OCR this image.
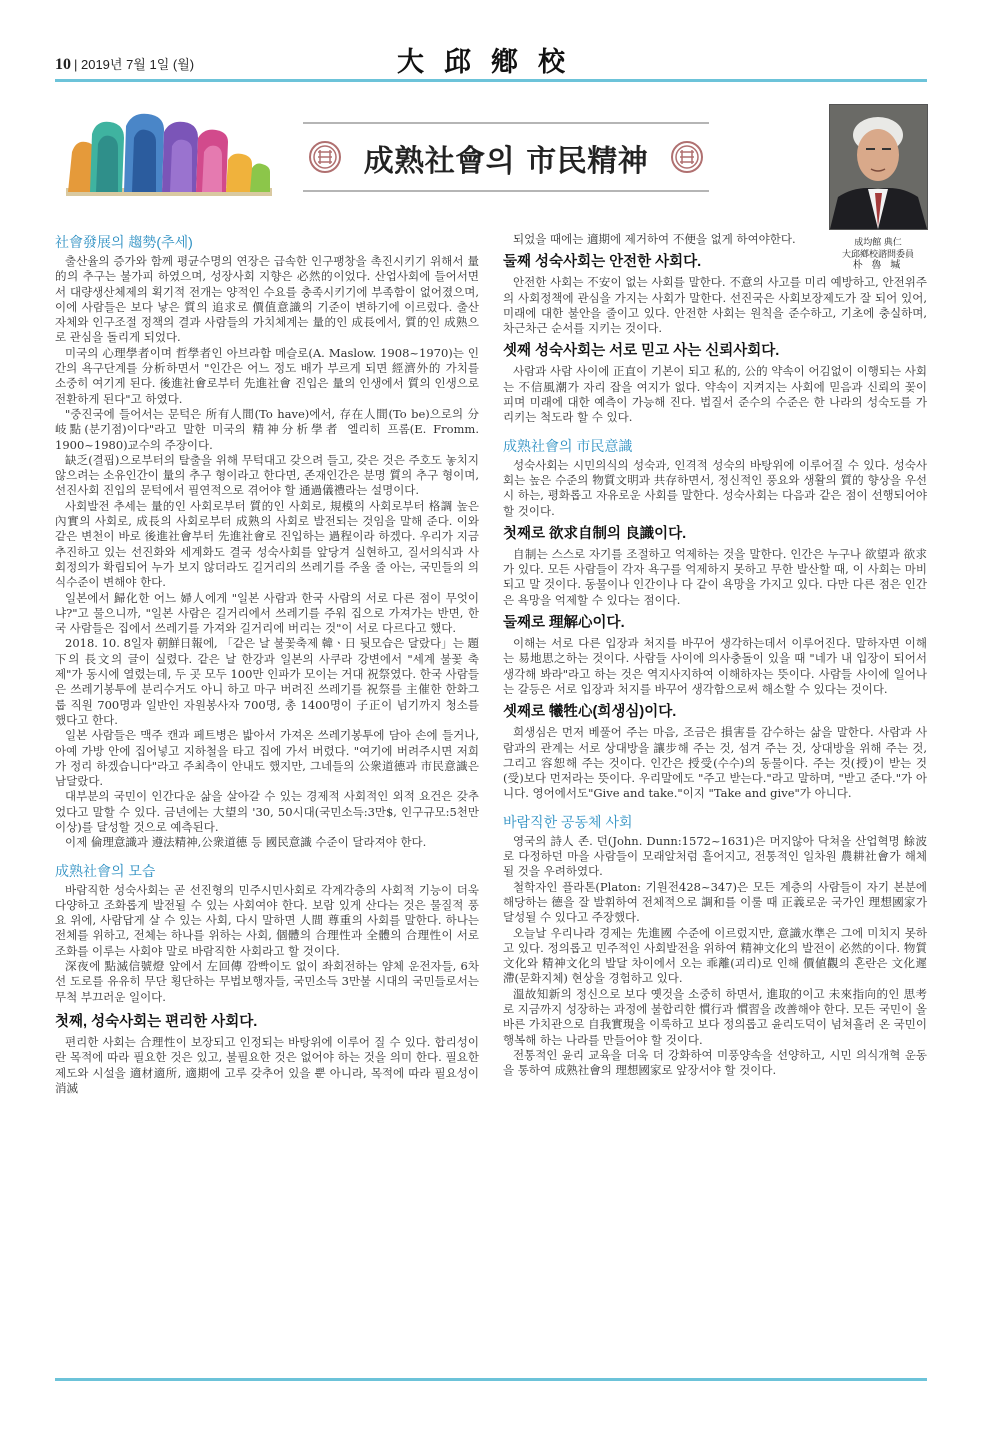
10 | 2019년 7월 1일 (월)	大邱鄕校
成熟社會의 市民精神
成均館 典仁
大邱鄕校諮問委員
朴 魯 堿
社會發展의 趨勢(추세)

출산율의 증가와 함께 평균수명의 연장은 급속한 인구팽창을 촉진시키기 위해서 量的의 추구는 불가피 하였으며, 성장사회 지향은 必然的이었다. 산업사회에 들어서면서 대량생산체제의 획기적 전개는 양적인 수요를 충족시키기에 부족함이 없어졌으며, 이에 사람들은 보다 낳은 質의 追求로 價值意識의 기준이 변하기에 이르렀다. 출산 자체와 인구조절 정책의 결과 사람들의 가치체계는 量的인 成長에서, 質的인 成熟으로 관심을 돌리게 되었다.

미국의 心理學者이며 哲學者인 아브라함 메슬로(A. Maslow. 1908~1970)는 인간의 욕구단계를 分析하면서 "인간은 어느 정도 배가 부르게 되면 經濟外的 가치를 소중히 여기게 된다. 後進社會로부터 先進社會 진입은 量의 인생에서 質의 인생으로 전환하게 된다"고 하였다.

"중진국에 들어서는 문턱은 所有人間(To have)에서, 存在人間(To be)으로의 分岐點(분기점)이다"라고 말한 미국의 精神分析學者 엘리히 프롬(E. Fromm. 1900~1980)교수의 주장이다.

缺乏(결핍)으로부터의 탈출을 위해 무턱대고 갖으려 들고, 갖은 것은 주호도 놓치지 않으려는 소유인간이 量의 추구 형이라고 한다면, 존재인간은 분명 質의 추구 형이며, 선진사회 진입의 문턱에서 필연적으로 겪어야 할 通過儀禮라는 설명이다.

사회발전 추세는 量的인 사회로부터 質的인 사회로, 規模의 사회로부터 格調 높은 內實의 사회로, 成長의 사회로부터 成熟의 사회로 발전되는 것임을 말해 준다. 이와 같은 변천이 바로 後進社會부터 先進社會로 진입하는 過程이라 하겠다. 우리가 지금 추진하고 있는 선진화와 세계화도 결국 성숙사회를 앞당겨 실현하고, 질서의식과 사회정의가 확립되어 누가 보지 않더라도 길거리의 쓰레기를 주울 줄 아는, 국민들의 의식수준이 변해야 한다.

일본에서 歸化한 어느 婦人에게 "일본 사람과 한국 사람의 서로 다른 점이 무엇이냐?"고 물으니까, "일본 사람은 길거리에서 쓰레기를 주워 집으로 가져가는 반면, 한국 사람들은 집에서 쓰레기를 가져와 길거리에 버리는 것"이 서로 다르다고 했다.

2018. 10. 8일자 朝鮮日報에, 「같은 날 불꽃축제 韓ㆍ日 뒷모습은 달랐다」는 題下의 長文의 글이 실렸다. 같은 날 한강과 일본의 사쿠라 강변에서 "세계 불꽃 축제"가 동시에 열렸는데, 두 곳 모두 100만 인파가 모이는 거대 祝祭였다. 한국 사람들은 쓰레기봉투에 분리수거도 아니 하고 마구 버려진 쓰레기를 祝祭를 主催한 한화그룹 직원 700명과 일반인 자원봉사자 700명, 총 1400명이 子正이 넘기까지 청소를 했다고 한다.

일본 사람들은 맥주 캔과 페트병은 밟아서 가져온 쓰레기봉투에 담아 손에 들거나, 아예 가방 안에 집어넣고 지하철을 타고 집에 가서 버렸다. "여기에 버려주시면 저희가 정리 하겠습니다"라고 주최측이 안내도 했지만, 그네들의 公衆道德과 市民意識은 남달랐다.

대부분의 국민이 인간다운 삶을 살아갈 수 있는 경제적 사회적인 외적 요건은 갖추었다고 말할 수 있다. 금년에는 大望의 '30, 50시대(국민소득:3만$, 인구규모:5천만이상)를 달성할 것으로 예측된다.

이제 倫理意識과 遵法精神,公衆道德 등 國民意識 수준이 달라져야 한다.

成熟社會의 모습

바람직한 성숙사회는 곧 선진형의 민주시민사회로 각계각층의 사회적 기능이 더욱 다양하고 조화롭게 발전될 수 있는 사회여야 한다. 보람 있게 산다는 것은 물질적 풍요 위에, 사람답게 살 수 있는 사회, 다시 말하면 人間 尊重의 사회를 말한다. 하나는 전체를 위하고, 전체는 하나를 위하는 사회, 個體의 合理性과 全體의 合理性이 서로 조화를 이루는 사회야 말로 바람직한 사회라고 할 것이다.

深夜에 點滅信號燈 앞에서 左回傳 깜빡이도 없이 좌회전하는 얌체 운전자들, 6차선 도로를 유유히 무단 횡단하는 무법보행자들, 국민소득 3만불 시대의 국민들로서는 무척 부끄러운 일이다.

첫째, 성숙사회는 편리한 사회다.

편리한 사회는 合理性이 보장되고 인정되는 바탕위에 이루어 질 수 있다. 합리성이란 목적에 따라 필요한 것은 있고, 불필요한 것은 없어야 하는 것을 의미 한다. 필요한 제도와 시설을 適材適所, 適期에 고루 갖추어 있을 뿐 아니라, 목적에 따라 필요성이 消滅

되었을 때에는 適期에 제거하여 不便을 없게 하여야한다.

둘째 성숙사회는 안전한 사회다.

안전한 사회는 不安이 없는 사회를 말한다. 不意의 사고를 미리 예방하고, 안전위주의 사회정책에 관심을 가지는 사회가 말한다. 선진국은 사회보장제도가 잘 되어 있어, 미래에 대한 불안을 줄이고 있다. 안전한 사회는 원칙을 준수하고, 기초에 충실하며, 차근차근 순서를 지키는 것이다.

셋째 성숙사회는 서로 믿고 사는 신뢰사회다.

사람과 사람 사이에 正直이 기본이 되고 私的, 公的 약속이 어김없이 이행되는 사회는 不信風潮가 자리 잡을 여지가 없다. 약속이 지켜지는 사회에 믿음과 신뢰의 꽃이 피며 미래에 대한 예측이 가능해 진다. 법질서 준수의 수준은 한 나라의 성숙도를 가리키는 척도라 할 수 있다.

成熟社會의 市民意識

성숙사회는 시민의식의 성숙과, 인격적 성숙의 바탕위에 이루어질 수 있다. 성숙사회는 높은 수준의 物質文明과 共存하면서, 정신적인 풍요와 생활의 質的 향상을 우선시 하는, 평화롭고 자유로운 사회를 말한다. 성숙사회는 다음과 같은 점이 선행되어야 할 것이다.

첫째로 欲求自制의 良識이다.

自制는 스스로 자기를 조절하고 억제하는 것을 말한다. 인간은 누구나 欲望과 欲求가 있다. 모든 사람들이 각자 욕구를 억제하지 못하고 무한 발산할 때, 이 사회는 마비되고 말 것이다. 동물이나 인간이나 다 같이 욕망을 가지고 있다. 다만 다른 점은 인간은 욕망을 억제할 수 있다는 점이다.

둘째로 理解心이다.

이해는 서로 다른 입장과 처지를 바꾸어 생각하는데서 이루어진다. 말하자면 이해는 易地思之하는 것이다. 사람들 사이에 의사충돌이 있을 때 "네가 내 입장이 되어서 생각해 봐라"라고 하는 것은 역지사지하여 이해하자는 뜻이다. 사람들 사이에 일어나는 갈등은 서로 입장과 처지를 바꾸어 생각함으로써 해소할 수 있다는 것이다.

셋째로 犧牲心(희생심)이다.

희생심은 먼저 베풀어 주는 마음, 조금은 損害를 감수하는 삶을 말한다. 사람과 사람과의 관계는 서로 상대방을 讓步해 주는 것, 섬겨 주는 것, 상대방을 위해 주는 것, 그리고 容恕해 주는 것이다. 인간은 授受(수수)의 동물이다. 주는 것(授)이 받는 것(受)보다 먼저라는 뜻이다. 우리말에도 "주고 받는다."라고 말하며, "받고 준다."가 아니다. 영어에서도"Give and take."이지 "Take and give"가 아니다.

바람직한 공동체 사회

영국의 詩人 존. 던(John. Dunn:1572~1631)은 머지않아 닥쳐올 산업혁명 餘波로 다정하던 마을 사람들이 모래알처럼 흩어지고, 전통적인 일차원 農耕社會가 해체될 것을 우려하였다.

철학자인 플라톤(Platon: 기원전428~347)은 모든 계층의 사람들이 자기 본분에 해당하는 德을 잘 발휘하여 전체적으로 調和를 이룰 때 正義로운 국가인 理想國家가 달성될 수 있다고 주장했다.

오늘날 우리나라 경제는 先進國 수준에 이르렀지만, 意識水準은 그에 미치지 못하고 있다. 정의롭고 민주적인 사회발전을 위하여 精神文化의 발전이 必然的이다. 物質文化와 精神文化의 발달 차이에서 오는 乖離(괴리)로 인해 價値觀의 혼란은 文化遲滯(문화지체) 현상을 경험하고 있다.

溫故知新의 정신으로 보다 옛것을 소중히 하면서, 進取的이고 未來指向的인 思考로 지금까지 성장하는 과정에 불합리한 慣行과 慣習을 改善해야 한다. 모든 국민이 올바른 가치관으로 自我實現을 이룩하고 보다 정의롭고 윤리도덕이 넘쳐흘러 온 국민이 행복해 하는 나라를 만들어야 할 것이다.

전통적인 윤리 교육을 더욱 더 강화하여 미풍양속을 선양하고, 시민 의식개혁 운동을 통하여 成熟社會의 理想國家로 앞장서야 할 것이다.
